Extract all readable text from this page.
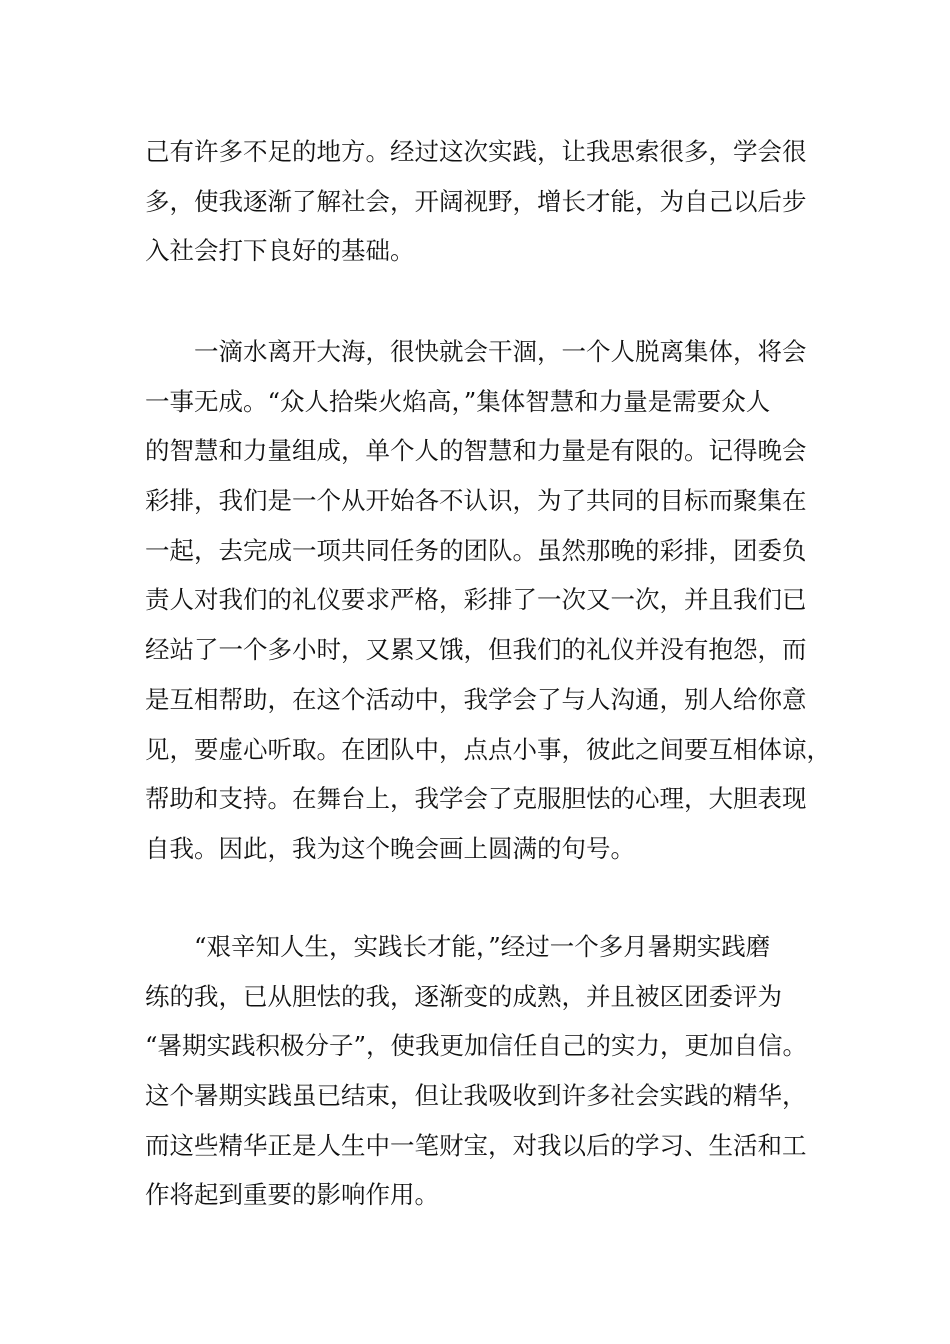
己有许多不足的地方。经过这次实践，让我思索很多，学会很
多，使我逐渐了解社会，开阔视野，增长才能，为自己以后步
入社会打下良好的基础。
一滴水离开大海，很快就会干涸，一个人脱离集体，将会
一事无成。“众人拾柴火焰高，”集体智慧和力量是需要众人
的智慧和力量组成，单个人的智慧和力量是有限的。记得晚会
彩排，我们是一个从开始各不认识，为了共同的目标而聚集在
一起，去完成一项共同任务的团队。虽然那晚的彩排，团委负
责人对我们的礼仪要求严格，彩排了一次又一次，并且我们已
经站了一个多小时，又累又饿，但我们的礼仪并没有抱怨，而
是互相帮助，在这个活动中，我学会了与人沟通，别人给你意
见，要虚心听取。在团队中，点点小事，彼此之间要互相体谅，
帮助和支持。在舞台上，我学会了克服胆怯的心理，大胆表现
自我。因此，我为这个晚会画上圆满的句号。
“艰辛知人生，实践长才能，”经过一个多月暑期实践磨
练的我，已从胆怯的我，逐渐变的成熟，并且被区团委评为
“暑期实践积极分子”，使我更加信任自己的实力，更加自信。
这个暑期实践虽已结束，但让我吸收到许多社会实践的精华，
而这些精华正是人生中一笔财宝，对我以后的学习、生活和工
作将起到重要的影响作用。
